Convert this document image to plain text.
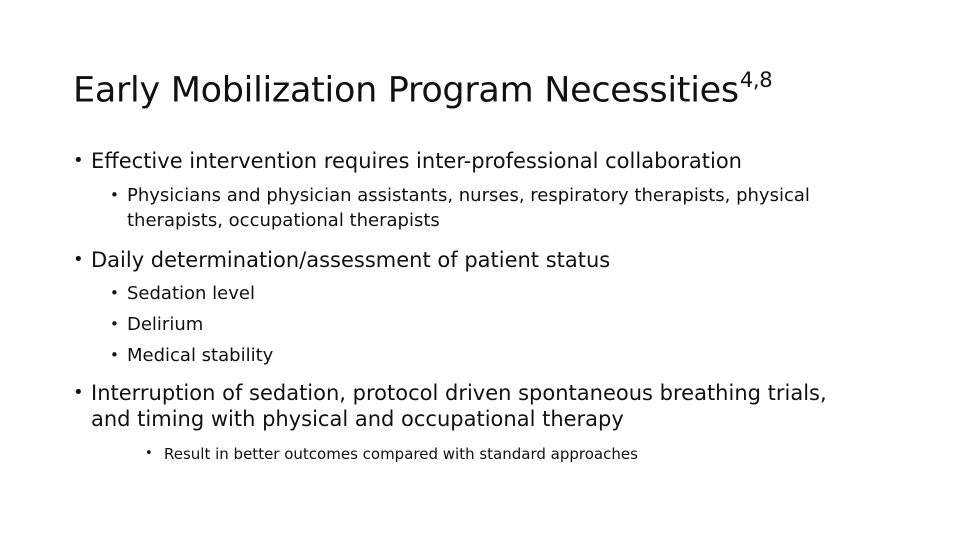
Early Mobilization Program Necessities$^{4,8}$
• Effective intervention requires inter-professional collaboration
• Physicians and physician assistants, nurses, respiratory therapists, physical therapists, occupational therapists
• Daily determination/assessment of patient status
• Sedation level
• Delirium
• Medical stability
• Interruption of sedation, protocol driven spontaneous breathing trials, and timing with physical and occupational therapy
• Result in better outcomes compared with standard approaches
